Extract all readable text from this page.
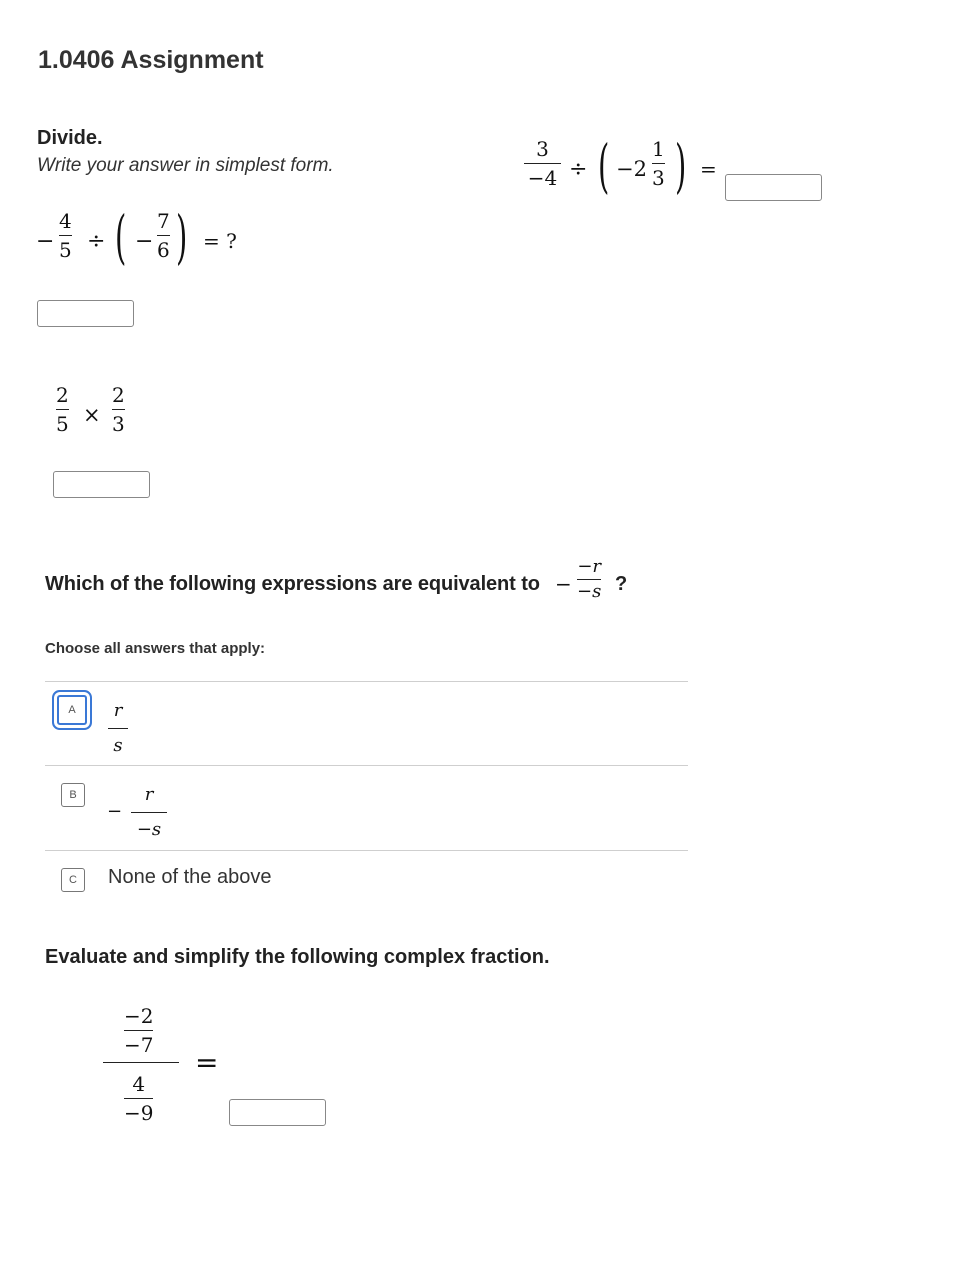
1.0406 Assignment
Divide.
Write your answer in simplest form.
−
4
5 ÷ ( −
7
6 ) = ?
3
−4 ÷ ( −2
1
3 ) =
2
5 ×
2
3
Which of the following expressions are equivalent to −
−r
−s ?
Choose all answers that apply:
A r
s
B
−
r
−s
C None of the above
Evaluate and simplify the following complex fraction.
−2
−7
4
−9
=
